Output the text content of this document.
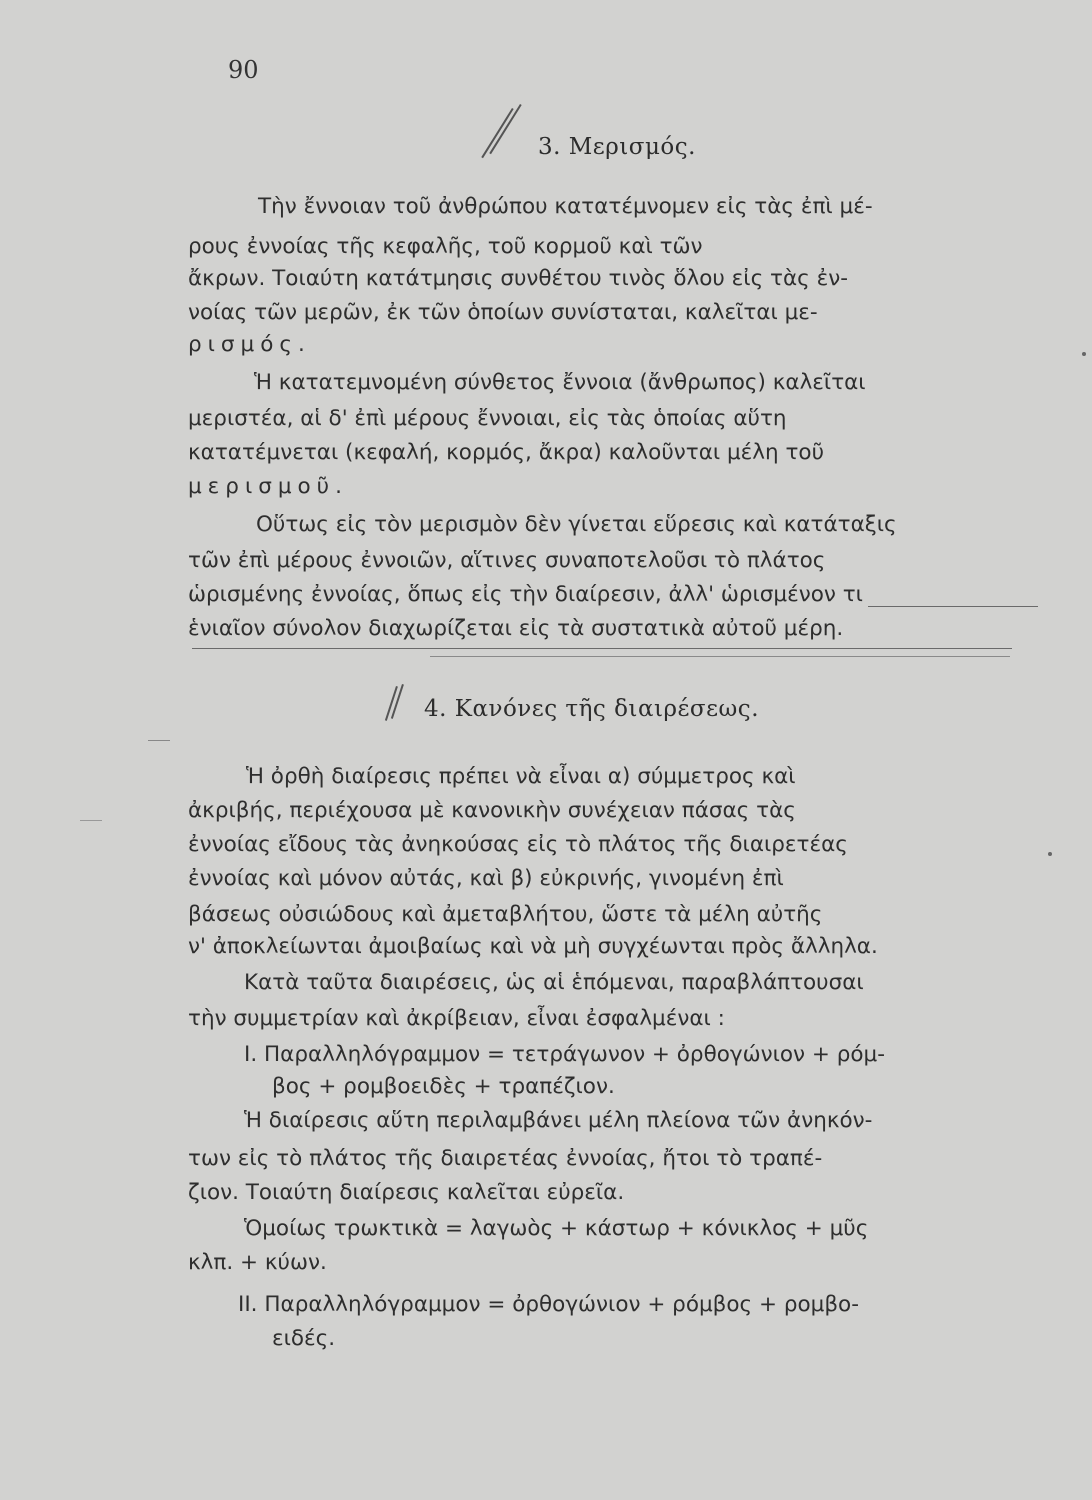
90
3. Μερισμός.
Τὴν ἔννοιαν τοῦ ἀνθρώπου κατατέμνομεν εἰς τὰς ἐπὶ μέ-
ρους ἐννοίας τῆς κεφαλῆς, τοῦ κορμοῦ καὶ τῶν
ἄκρων. Τοιαύτη κατάτμησις συνθέτου τινὸς ὅλου εἰς τὰς ἐν-
νοίας τῶν μερῶν, ἐκ τῶν ὁποίων συνίσταται, καλεῖται με-
ρισμός.
Ἡ κατατεμνομένη σύνθετος ἔννοια (ἄνθρωπος) καλεῖται
μεριστέα, αἱ δ' ἐπὶ μέρους ἔννοιαι, εἰς τὰς ὁποίας αὕτη
κατατέμνεται (κεφαλή, κορμός, ἄκρα) καλοῦνται μέλη τοῦ
μερισμοῦ.
Οὕτως εἰς τὸν μερισμὸν δὲν γίνεται εὕρεσις καὶ κατάταξις
τῶν ἐπὶ μέρους ἐννοιῶν, αἵτινες συναποτελοῦσι τὸ πλάτος
ὡρισμένης ἐννοίας, ὅπως εἰς τὴν διαίρεσιν, ἀλλ' ὡρισμένον τι
ἑνιαῖον σύνολον διαχωρίζεται εἰς τὰ συστατικὰ αὐτοῦ μέρη.
4. Κανόνες τῆς διαιρέσεως.
Ἡ ὀρθὴ διαίρεσις πρέπει νὰ εἶναι α) σύμμετρος καὶ
ἀκριβής, περιέχουσα μὲ κανονικὴν συνέχειαν πάσας τὰς
ἐννοίας εἴδους τὰς ἀνηκούσας εἰς τὸ πλάτος τῆς διαιρετέας
ἐννοίας καὶ μόνον αὐτάς, καὶ β) εὐκρινής, γινομένη ἐπὶ
βάσεως οὐσιώδους καὶ ἀμεταβλήτου, ὥστε τὰ μέλη αὐτῆς
ν' ἀποκλείωνται ἀμοιβαίως καὶ νὰ μὴ συγχέωνται πρὸς ἄλληλα.
Κατὰ ταῦτα διαιρέσεις, ὡς αἱ ἑπόμεναι, παραβλάπτουσαι
τὴν συμμετρίαν καὶ ἀκρίβειαν, εἶναι ἐσφαλμέναι :
I. Παραλληλόγραμμον = τετράγωνον + ὀρθογώνιον + ρόμ-
βος + ρομβοειδὲς + τραπέζιον.
Ἡ διαίρεσις αὕτη περιλαμβάνει μέλη πλείονα τῶν ἀνηκόν-
των εἰς τὸ πλάτος τῆς διαιρετέας ἐννοίας, ἤτοι τὸ τραπέ-
ζιον. Τοιαύτη διαίρεσις καλεῖται εὐρεῖα.
Ὁμοίως τρωκτικὰ = λαγωὸς + κάστωρ + κόνικλος + μῦς
κλπ. + κύων.
II. Παραλληλόγραμμον = ὀρθογώνιον + ρόμβος + ρομβο-
ειδές.
